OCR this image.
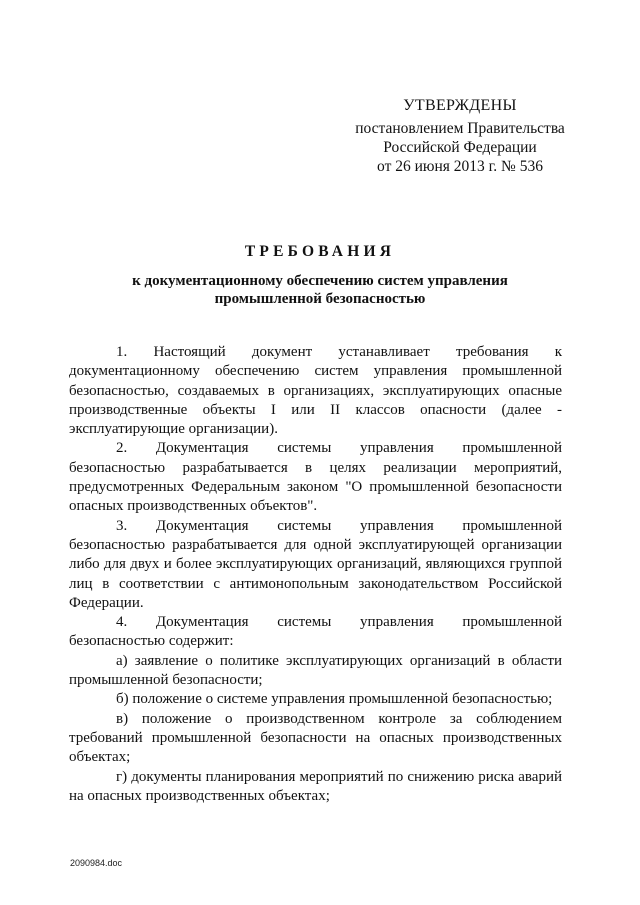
УТВЕРЖДЕНЫ
постановлением Правительства
Российской Федерации
от 26 июня 2013 г. № 536
ТРЕБОВАНИЯ
к документационному обеспечению систем управления промышленной безопасностью

1. Настоящий документ устанавливает требования к документационному обеспечению систем управления промышленной безопасностью, создаваемых в организациях, эксплуатирующих опасные производственные объекты I или II классов опасности (далее - эксплуатирующие организации).

2. Документация системы управления промышленной безопасностью разрабатывается в целях реализации мероприятий, предусмотренных Федеральным законом "О промышленной безопасности опасных производственных объектов".

3. Документация системы управления промышленной безопасностью разрабатывается для одной эксплуатирующей организации либо для двух и более эксплуатирующих организаций, являющихся группой лиц в соответствии с антимонопольным законодательством Российской Федерации.

4. Документация системы управления промышленной безопасностью содержит:

а) заявление о политике эксплуатирующих организаций в области промышленной безопасности;

б) положение о системе управления промышленной безопасностью;

в) положение о производственном контроле за соблюдением требований промышленной безопасности на опасных производственных объектах;

г) документы планирования мероприятий по снижению риска аварий на опасных производственных объектах;

2090984.doc
